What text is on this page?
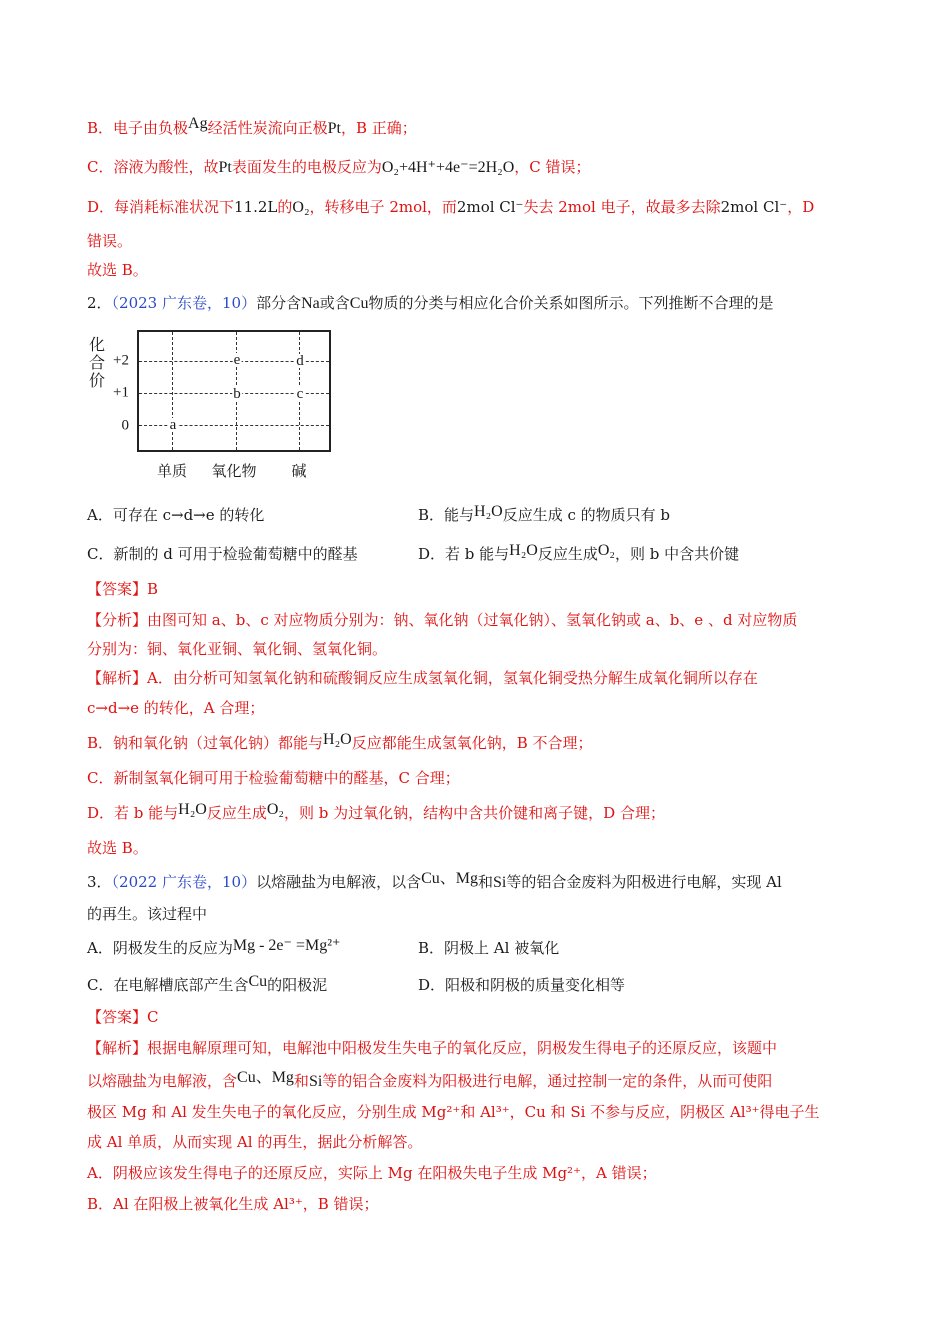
B．电子由负极Ag经活性炭流向正极Pt，B 正确；
C．溶液为酸性，故Pt表面发生的电极反应为O₂+4H⁺+4e⁻=2H₂O，C 错误；
D．每消耗标准状况下11.2L的O₂，转移电子 2mol，而2mol Cl⁻失去 2mol 电子，故最多去除2mol Cl⁻，D
错误。
故选 B。
2．（2023 广东卷，10）部分含Na或含Cu物质的分类与相应化合价关系如图所示。下列推断不合理的是
化合价
+2
+1
0	a
b
e
c
d
单质 氧化物 碱
A．可存在 c→d→e 的转化	B．能与H₂O反应生成 c 的物质只有 b
C．新制的 d 可用于检验葡萄糖中的醛基	D．若 b 能与H₂O反应生成O₂，则 b 中含共价键
【答案】B
【分析】由图可知 a、b、c 对应物质分别为：钠、氧化钠（过氧化钠）、氢氧化钠或 a、b、e 、d 对应物质
分别为：铜、氧化亚铜、氧化铜、氢氧化铜。
【解析】A．由分析可知氢氧化钠和硫酸铜反应生成氢氧化铜，氢氧化铜受热分解生成氧化铜所以存在
c→d→e 的转化，A 合理；
B．钠和氧化钠（过氧化钠）都能与H₂O反应都能生成氢氧化钠，B 不合理；
C．新制氢氧化铜可用于检验葡萄糖中的醛基，C 合理；
D．若 b 能与H₂O反应生成O₂，则 b 为过氧化钠，结构中含共价键和离子键，D 合理；
故选 B。
3．（2022 广东卷，10）以熔融盐为电解液，以含Cu、Mg和Si等的铝合金废料为阳极进行电解，实现 Al
的再生。该过程中
A．阴极发生的反应为Mg - 2e⁻ =Mg²⁺	B．阴极上 Al 被氧化
C．在电解槽底部产生含Cu的阳极泥	D．阳极和阴极的质量变化相等
【答案】C
【解析】根据电解原理可知，电解池中阳极发生失电子的氧化反应，阴极发生得电子的还原反应，该题中
以熔融盐为电解液，含Cu、Mg和Si等的铝合金废料为阳极进行电解，通过控制一定的条件，从而可使阳
极区 Mg 和 Al 发生失电子的氧化反应，分别生成 Mg²⁺和 Al³⁺，Cu 和 Si 不参与反应，阴极区 Al³⁺得电子生
成 Al 单质，从而实现 Al 的再生，据此分析解答。
A．阴极应该发生得电子的还原反应，实际上 Mg 在阳极失电子生成 Mg²⁺，A 错误；
B．Al 在阳极上被氧化生成 Al³⁺，B 错误；
